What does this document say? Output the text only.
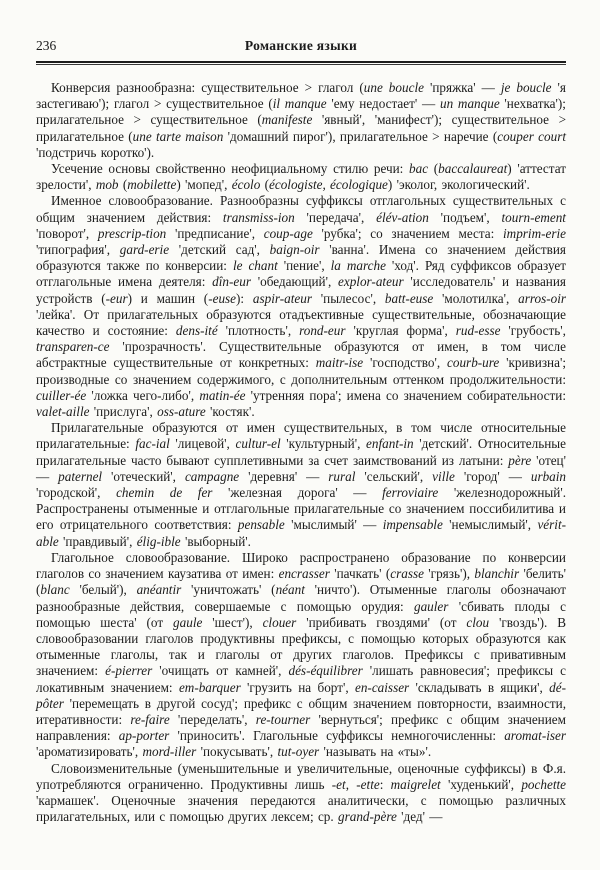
236	Романские языки

Конверсия разнообразна: существительное > глагол (une boucle 'пряжка' — je boucle 'я застегиваю'); глагол > существительное (il manque 'ему недостает' — un manque 'нехватка'); прилагательное > существительное (manifeste 'явный', 'манифест'); существительное > прилагательное (une tarte maison 'домашний пирог'), прилагательное > наречие (couper court 'подстричь коротко').

Усечение основы свойственно неофициальному стилю речи: bac (baccalaureat) 'аттестат зрелости', mob (mobilette) 'мопед', écolo (écologiste, écologique) 'эколог, экологический'.

Именное словообразование. Разнообразны суффиксы отглагольных существительных с общим значением действия: transmiss-ion 'передача', élév-ation 'подъем', tourn-ement 'поворот', prescrip-tion 'предписание', coup-age 'рубка'; со значением места: imprim-erie 'типография', gard-erie 'детский сад', baign-oir 'ванна'. Имена со значением действия образуются также по конверсии: le chant 'пение', la marche 'ход'. Ряд суффиксов образует отглагольные имена деятеля: dîn-eur 'обедающий', explor-ateur 'исследователь' и названия устройств (-eur) и машин (-euse): aspir-ateur 'пылесос', batt-euse 'молотилка', arros-oir 'лейка'. От прилагательных образуются отадъективные существительные, обозначающие качество и состояние: dens-ité 'плотность', rond-eur 'круглая форма', rud-esse 'грубость', transparen-ce 'прозрачность'. Существительные образуются от имен, в том числе абстрактные существительные от конкретных: maitr-ise 'господство', courb-ure 'кривизна'; производные со значением содержимого, с дополнительным оттенком продолжительности: cuiller-ée 'ложка чего-либо', matin-ée 'утренняя пора'; имена со значением собирательности: valet-aille 'прислуга', oss-ature 'костяк'.

Прилагательные образуются от имен существительных, в том числе относительные прилагательные: fac-ial 'лицевой', cultur-el 'культурный', enfant-in 'детский'. Относительные прилагательные часто бывают супплетивными за счет заимствований из латыни: père 'отец' — paternel 'отеческий', campagne 'деревня' — rural 'сельский', ville 'город' — urbain 'городской', chemin de fer 'железная дорога' — ferroviaire 'железнодорожный'. Распространены отыменные и отглагольные прилагательные со значением поссибилитива и его отрицательного соответствия: pensable 'мыслимый' — impensable 'немыслимый', vérit-able 'правдивый', élig-ible 'выборный'.

Глагольное словообразование. Широко распространено образование по конверсии глаголов со значением каузатива от имен: encrasser 'пачкать' (crasse 'грязь'), blanchir 'белить' (blanc 'белый'), anéantir 'уничтожать' (néant 'ничто'). Отыменные глаголы обозначают разнообразные действия, совершаемые с помощью орудия: gauler 'сбивать плоды с помощью шеста' (от gaule 'шест'), clouer 'прибивать гвоздями' (от clou 'гвоздь'). В словообразовании глаголов продуктивны префиксы, с помощью которых образуются как отыменные глаголы, так и глаголы от других глаголов. Префиксы с привативным значением: é-pierrer 'очищать от камней', dés-équilibrer 'лишать равновесия'; префиксы с локативным значением: em-barquer 'грузить на борт', en-caisser 'складывать в ящики', dé-pôter 'перемещать в другой сосуд'; префикс с общим значением повторности, взаимности, итеративности: re-faire 'переделать', re-tourner 'вернуться'; префикс с общим значением направления: ap-porter 'приносить'. Глагольные суффиксы немногочисленны: aromat-iser 'ароматизировать', mord-iller 'покусывать', tut-oyer 'называть на «ты»'.

Словоизменительные (уменьшительные и увеличительные, оценочные суффиксы) в Ф.я. употребляются ограниченно. Продуктивны лишь -et, -ette: maigrelet 'худенький', pochette 'кармашек'. Оценочные значения передаются аналитически, с помощью различных прилагательных, или с помощью других лексем; ср. grand-père 'дед' —
